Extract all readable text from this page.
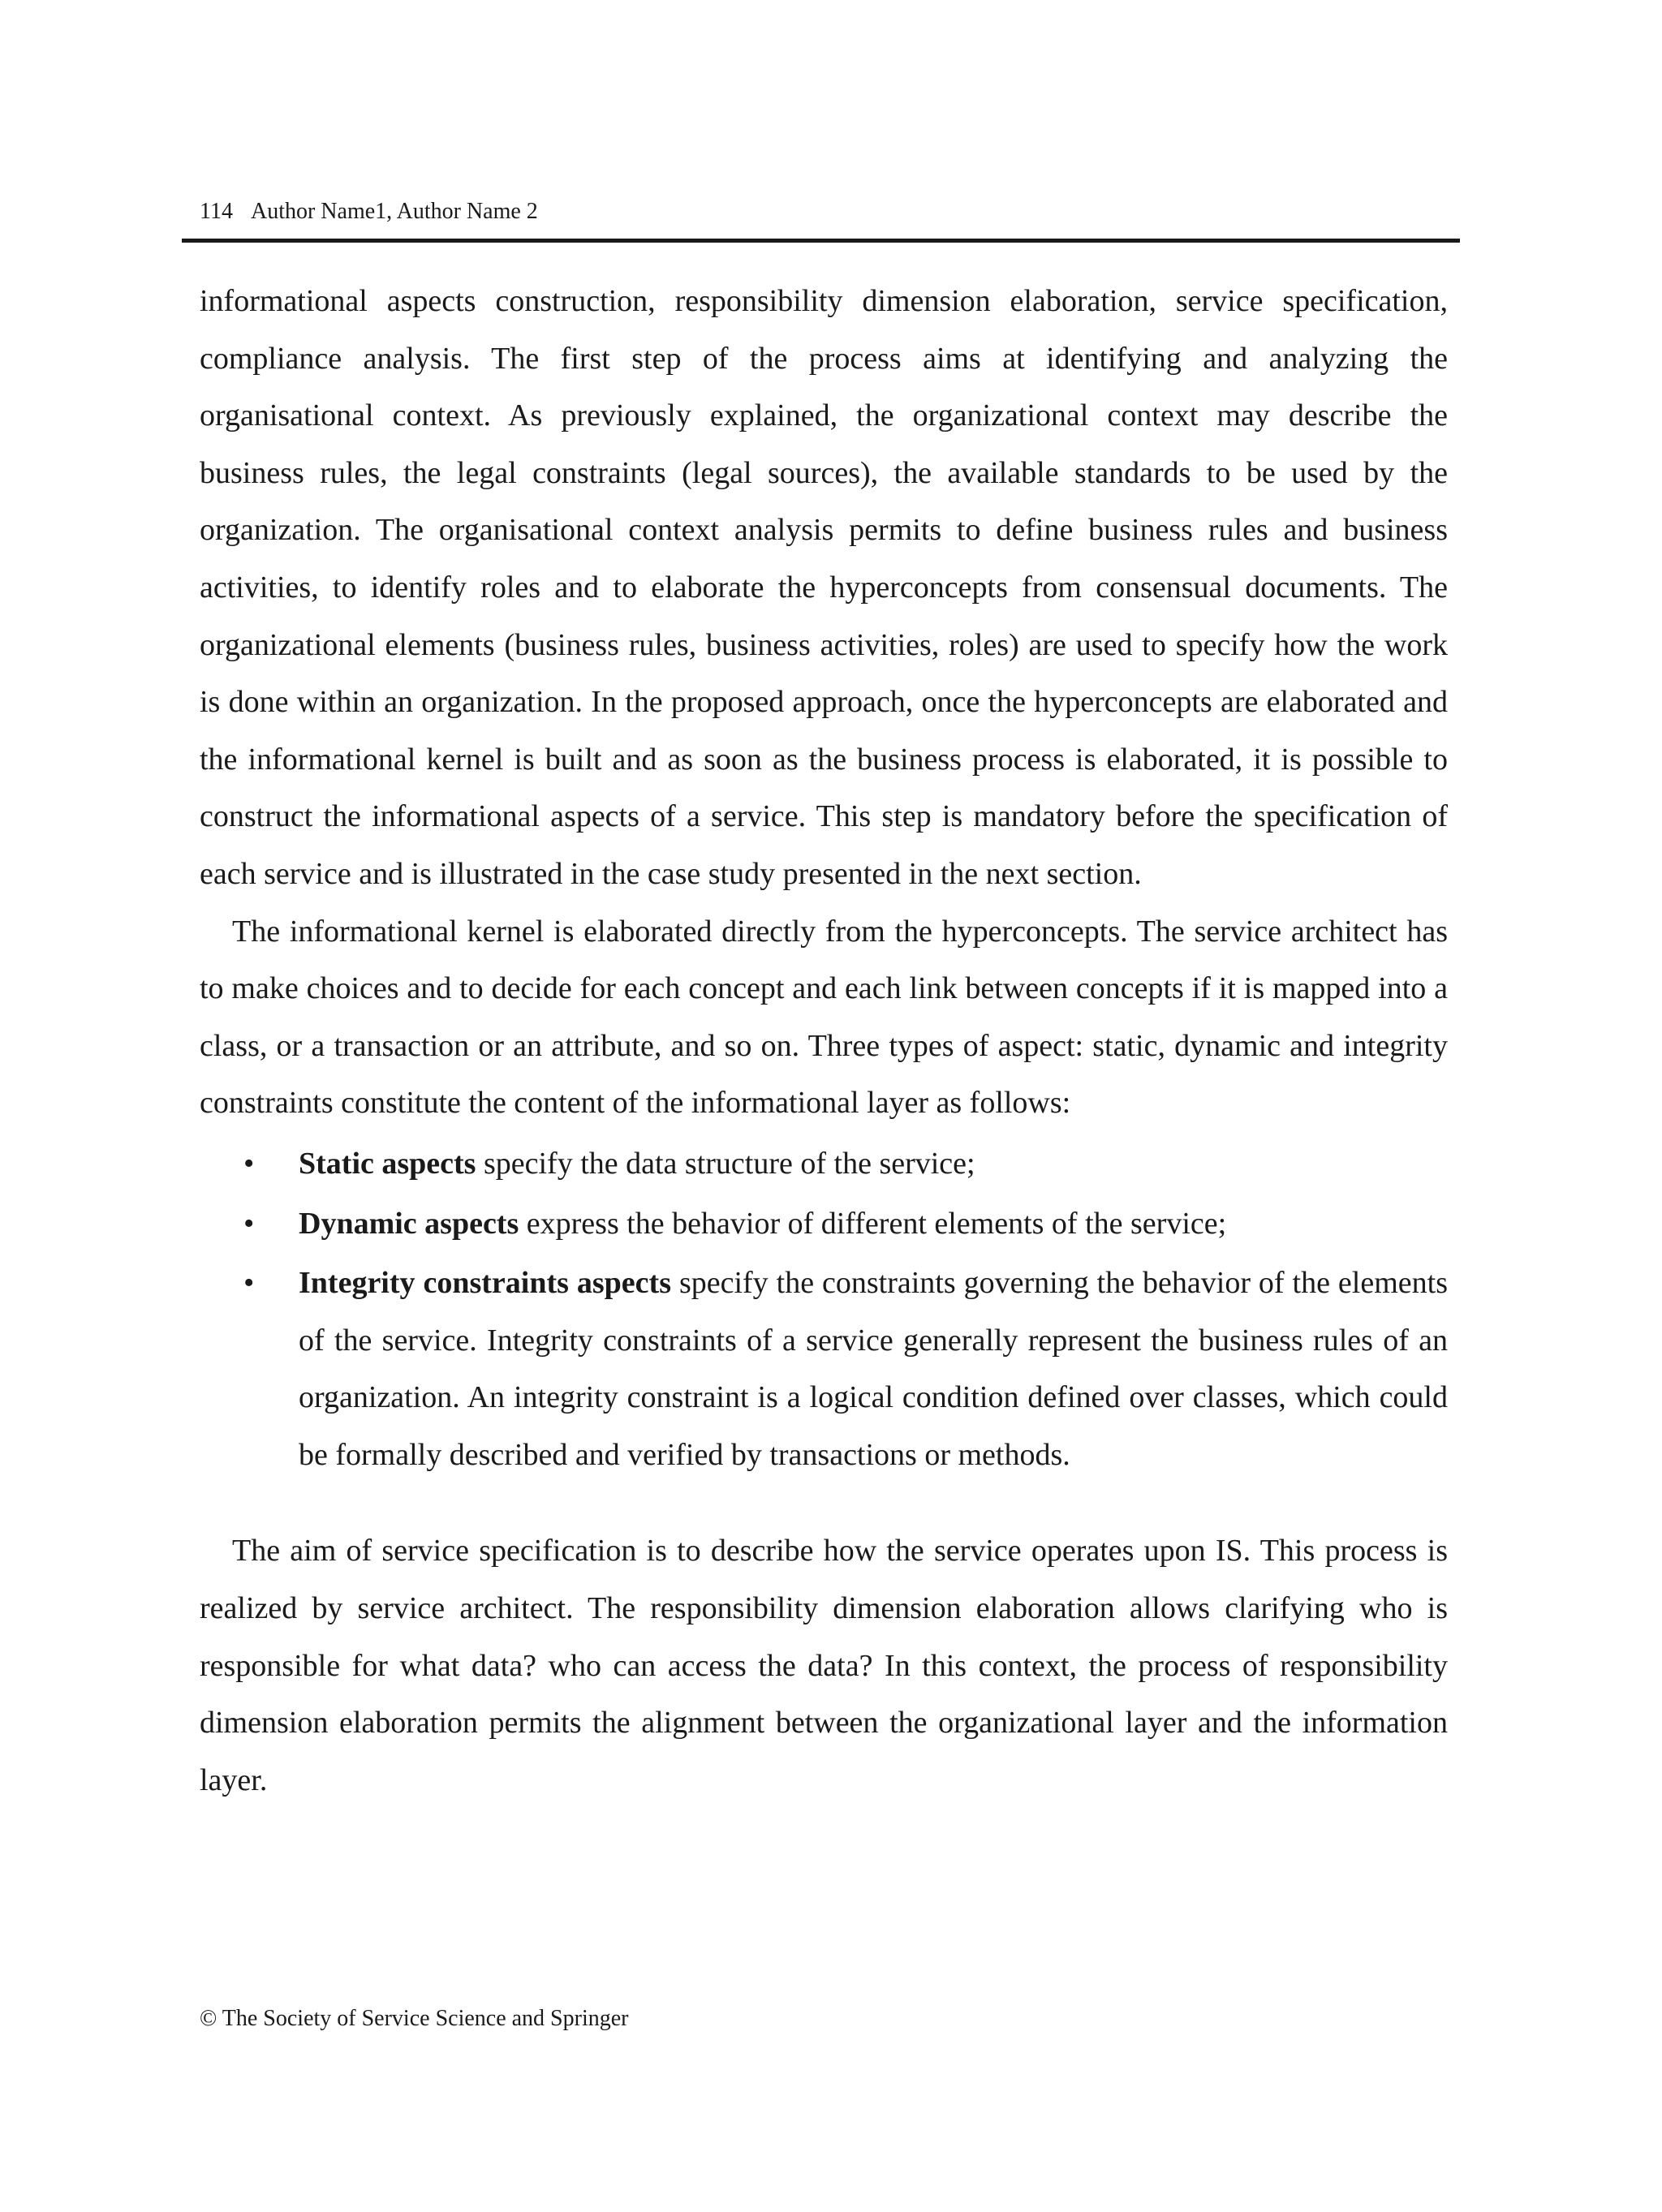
114 Author Name1, Author Name 2

informational aspects construction, responsibility dimension elaboration, service specification, compliance analysis. The first step of the process aims at identifying and analyzing the organisational context. As previously explained, the organizational context may describe the business rules, the legal constraints (legal sources), the available standards to be used by the organization. The organisational context analysis permits to define business rules and business activities, to identify roles and to elaborate the hyperconcepts from consensual documents. The organizational elements (business rules, business activities, roles) are used to specify how the work is done within an organization. In the proposed approach, once the hyperconcepts are elaborated and the informational kernel is built and as soon as the business process is elaborated, it is possible to construct the informational aspects of a service. This step is mandatory before the specification of each service and is illustrated in the case study presented in the next section.

The informational kernel is elaborated directly from the hyperconcepts. The service architect has to make choices and to decide for each concept and each link between concepts if it is mapped into a class, or a transaction or an attribute, and so on. Three types of aspect: static, dynamic and integrity constraints constitute the content of the informational layer as follows:

• Static aspects specify the data structure of the service;
• Dynamic aspects express the behavior of different elements of the service;
• Integrity constraints aspects specify the constraints governing the behavior of the elements of the service. Integrity constraints of a service generally represent the business rules of an organization. An integrity constraint is a logical condition defined over classes, which could be formally described and verified by transactions or methods.

The aim of service specification is to describe how the service operates upon IS. This process is realized by service architect. The responsibility dimension elaboration allows clarifying who is responsible for what data? who can access the data? In this context, the process of responsibility dimension elaboration permits the alignment between the organizational layer and the information layer.

© The Society of Service Science and Springer
